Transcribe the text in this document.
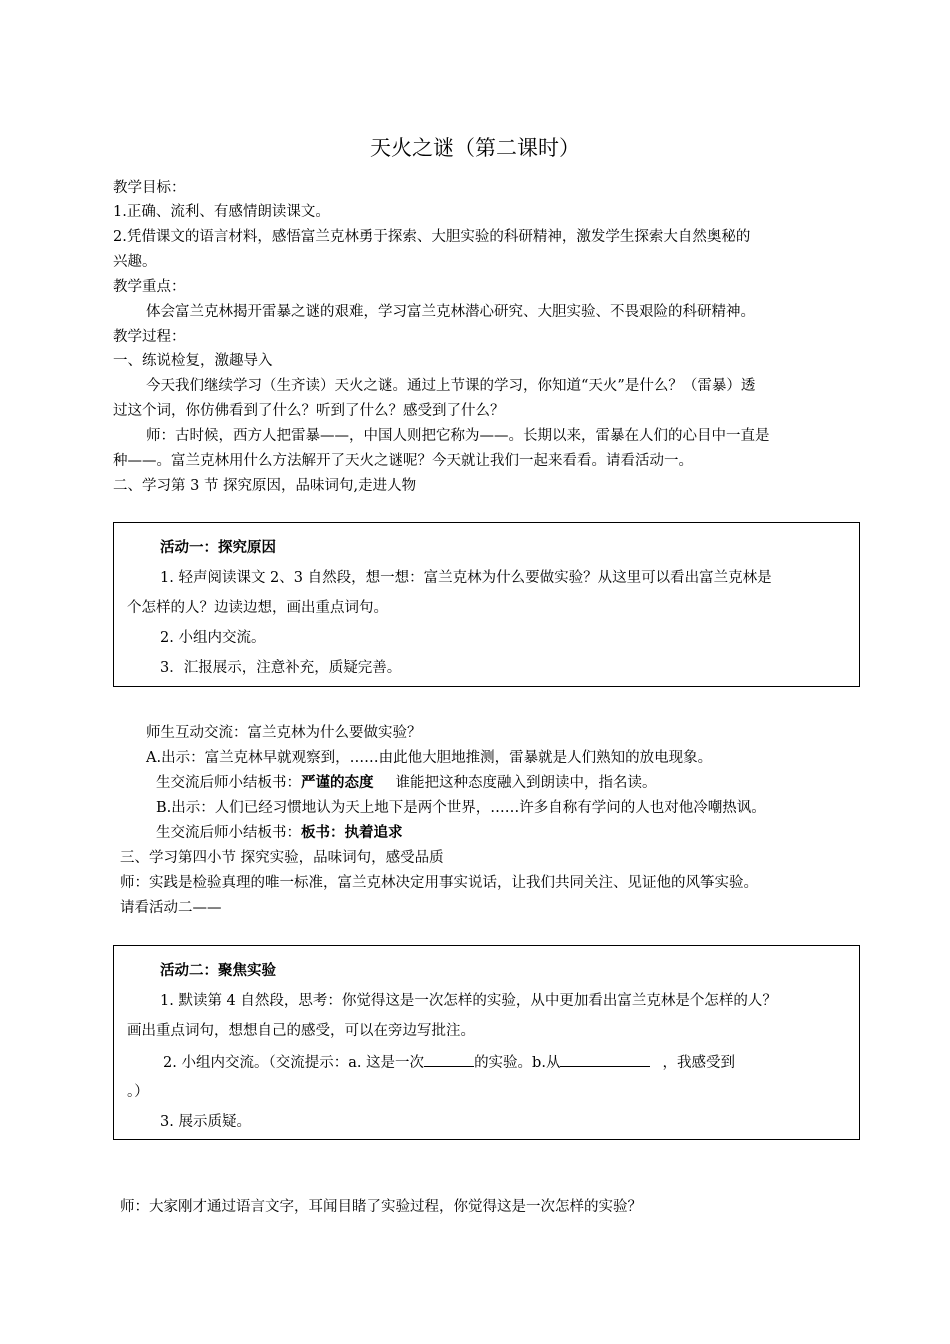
天火之谜（第二课时）
教学目标：
1.正确、流利、有感情朗读课文。
2.凭借课文的语言材料，感悟富兰克林勇于探索、大胆实验的科研精神，激发学生探索大自然奥秘的
兴趣。
教学重点：
体会富兰克林揭开雷暴之谜的艰难，学习富兰克林潜心研究、大胆实验、不畏艰险的科研精神。
教学过程：
一、练说检复，激趣导入
今天我们继续学习（生齐读）天火之谜。通过上节课的学习，你知道“天火”是什么？（雷暴）透
过这个词，你仿佛看到了什么？听到了什么？感受到了什么？
师：古时候，西方人把雷暴——，中国人则把它称为——。长期以来，雷暴在人们的心目中一直是
种——。富兰克林用什么方法解开了天火之谜呢？今天就让我们一起来看看。请看活动一。
二、学习第 3 节 探究原因，品味词句,走进人物
活动一：探究原因
1. 轻声阅读课文 2、3 自然段，想一想：富兰克林为什么要做实验？从这里可以看出富兰克林是
个怎样的人？边读边想，画出重点词句。
2. 小组内交流。
3．汇报展示，注意补充，质疑完善。
师生互动交流：富兰克林为什么要做实验？
A.出示：富兰克林早就观察到，……由此他大胆地推测，雷暴就是人们熟知的放电现象。
生交流后师小结板书：严谨的态度 谁能把这种态度融入到朗读中，指名读。
B.出示：人们已经习惯地认为天上地下是两个世界，……许多自称有学问的人也对他冷嘲热讽。
生交流后师小结板书：板书：执着追求
三、学习第四小节 探究实验，品味词句，感受品质
师：实践是检验真理的唯一标准，富兰克林决定用事实说话，让我们共同关注、见证他的风筝实验。
请看活动二——
活动二：聚焦实验
1. 默读第 4 自然段，思考：你觉得这是一次怎样的实验，从中更加看出富兰克林是个怎样的人？
画出重点词句，想想自己的感受，可以在旁边写批注。
2. 小组内交流。（交流提示：a. 这是一次	的实验。b.从	，我感受到
。）
3. 展示质疑。
师：大家刚才通过语言文字，耳闻目睹了实验过程，你觉得这是一次怎样的实验？
